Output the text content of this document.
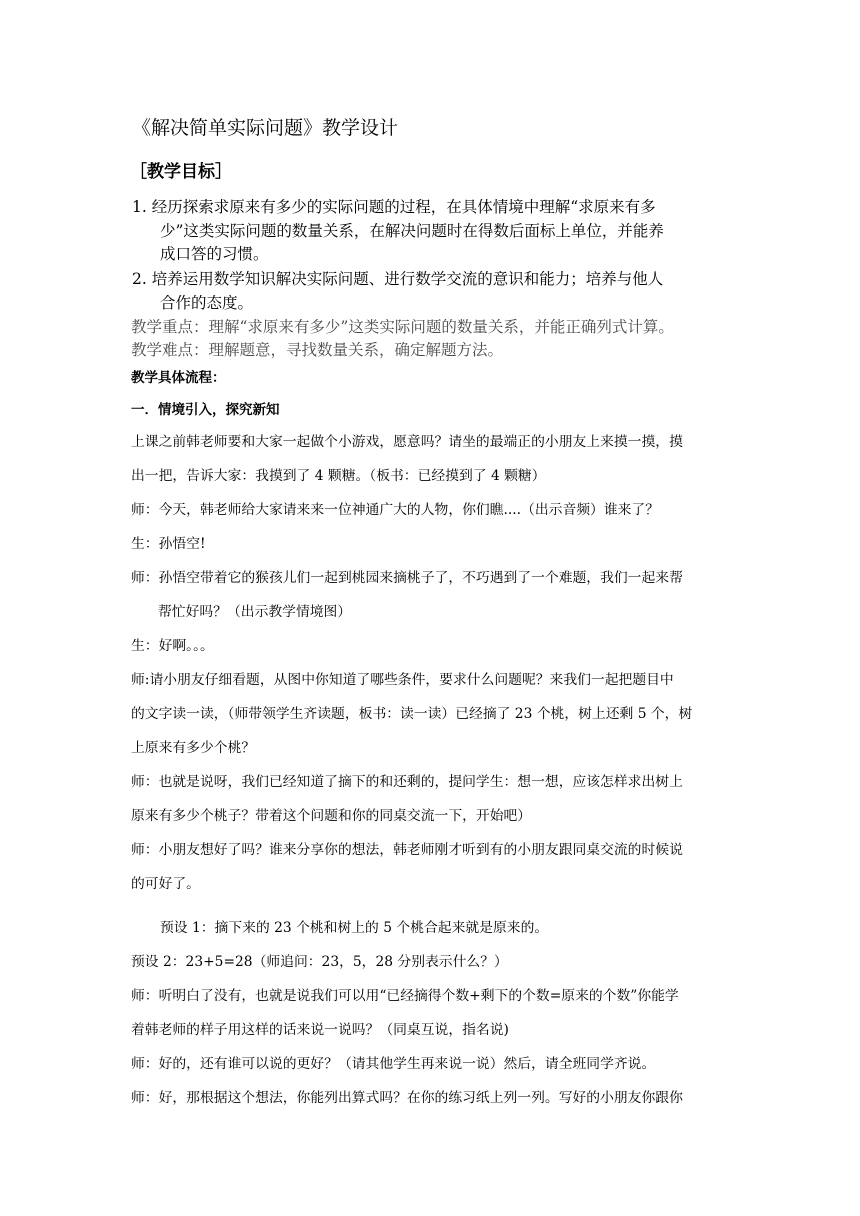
《解决简单实际问题》教学设计

［教学目标］

1. 经历探索求原来有多少的实际问题的过程，在具体情境中理解“求原来有多

少”这类实际问题的数量关系，在解决问题时在得数后面标上单位，并能养

成口答的习惯。

2. 培养运用数学知识解决实际问题、进行数学交流的意识和能力；培养与他人

合作的态度。

教学重点：理解“求原来有多少”这类实际问题的数量关系，并能正确列式计算。

教学难点：理解题意，寻找数量关系，确定解题方法。

教学具体流程：

一．情境引入，探究新知

上课之前韩老师要和大家一起做个小游戏，愿意吗？请坐的最端正的小朋友上来摸一摸，摸

出一把，告诉大家：我摸到了 4 颗糖。（板书：已经摸到了 4 颗糖）

师：今天，韩老师给大家请来来一位神通广大的人物，你们瞧....（出示音频）谁来了？

生：孙悟空!

师：孙悟空带着它的猴孩儿们一起到桃园来摘桃子了，不巧遇到了一个难题，我们一起来帮

帮忙好吗？（出示教学情境图）

生：好啊。。。

师:请小朋友仔细看题，从图中你知道了哪些条件，要求什么问题呢？来我们一起把题目中

的文字读一读，（师带领学生齐读题，板书：读一读）已经摘了 23 个桃，树上还剩 5 个，树

上原来有多少个桃？

师：也就是说呀，我们已经知道了摘下的和还剩的，提问学生：想一想，应该怎样求出树上

原来有多少个桃子？带着这个问题和你的同桌交流一下，开始吧）

师：小朋友想好了吗？谁来分享你的想法，韩老师刚才听到有的小朋友跟同桌交流的时候说

的可好了。

预设 1：摘下来的 23 个桃和树上的 5 个桃合起来就是原来的。

预设 2：23+5=28（师追问：23，5，28 分别表示什么？）

师：听明白了没有，也就是说我们可以用“已经摘得个数+剩下的个数=原来的个数”你能学

着韩老师的样子用这样的话来说一说吗？（同桌互说，指名说)

师：好的，还有谁可以说的更好？（请其他学生再来说一说）然后，请全班同学齐说。

师：好，那根据这个想法，你能列出算式吗？在你的练习纸上列一列。写好的小朋友你跟你
